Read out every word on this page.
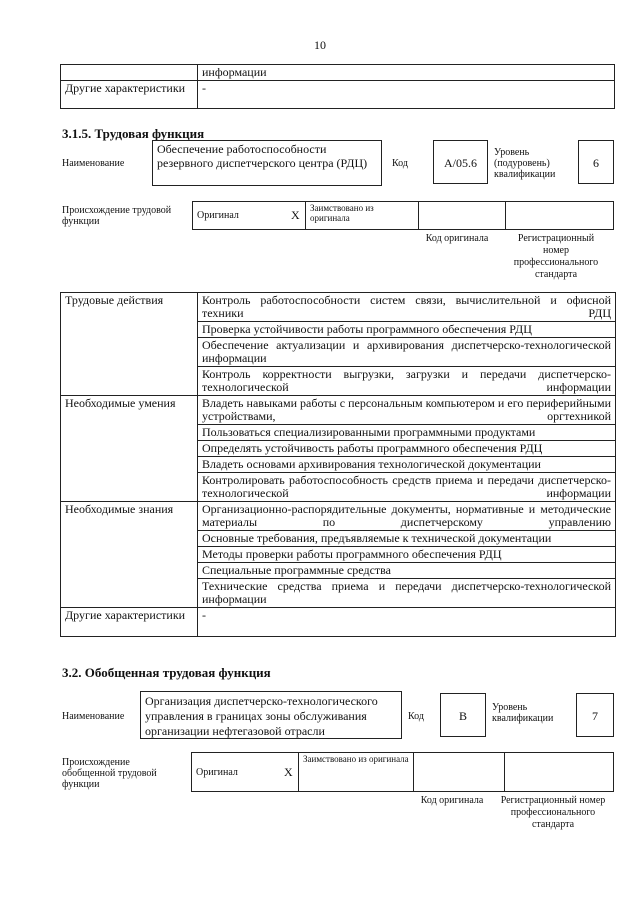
10
	информации
Другие характеристики	-
3.1.5. Трудовая функция
Наименование
Обеспечение работоспособности резервного диспетчерского центра (РДЦ)	Код	A/05.6
Уровень (подуровень) квалификации
6
Происхождение трудовой функции
Оригинал	X	Заимствовано из оригинала		
Код оригинала	Регистрационный номер профессионального стандарта
Трудовые действия	Контроль работоспособности систем связи, вычислительной и офисной техники РДЦ
	Проверка устойчивости работы программного обеспечения РДЦ
	Обеспечение актуализации и архивирования диспетчерско-технологической информации
	Контроль корректности выгрузки, загрузки и передачи диспетчерско-технологической информации
Необходимые умения	Владеть навыками работы с персональным компьютером и его периферийными устройствами, оргтехникой
	Пользоваться специализированными программными продуктами
	Определять устойчивость работы программного обеспечения РДЦ
	Владеть основами архивирования технологической документации
	Контролировать работоспособность средств приема и передачи диспетчерско-технологической информации
Необходимые знания	Организационно-распорядительные документы, нормативные и методические материалы по диспетчерскому управлению
	Основные требования, предъявляемые к технической документации
	Методы проверки работы программного обеспечения РДЦ
	Специальные программные средства
	Технические средства приема и передачи диспетчерско-технологической информации
Другие характеристики	-
3.2. Обобщенная трудовая функция
Наименование
Организация диспетчерско-технологического управления в границах зоны обслуживания организации нефтегазовой отрасли
Код	B
Уровень квалификации	7
Происхождение обобщенной трудовой функции
Оригинал	X	Заимствовано из оригинала		
Код оригинала	Регистрационный номер профессионального стандарта
